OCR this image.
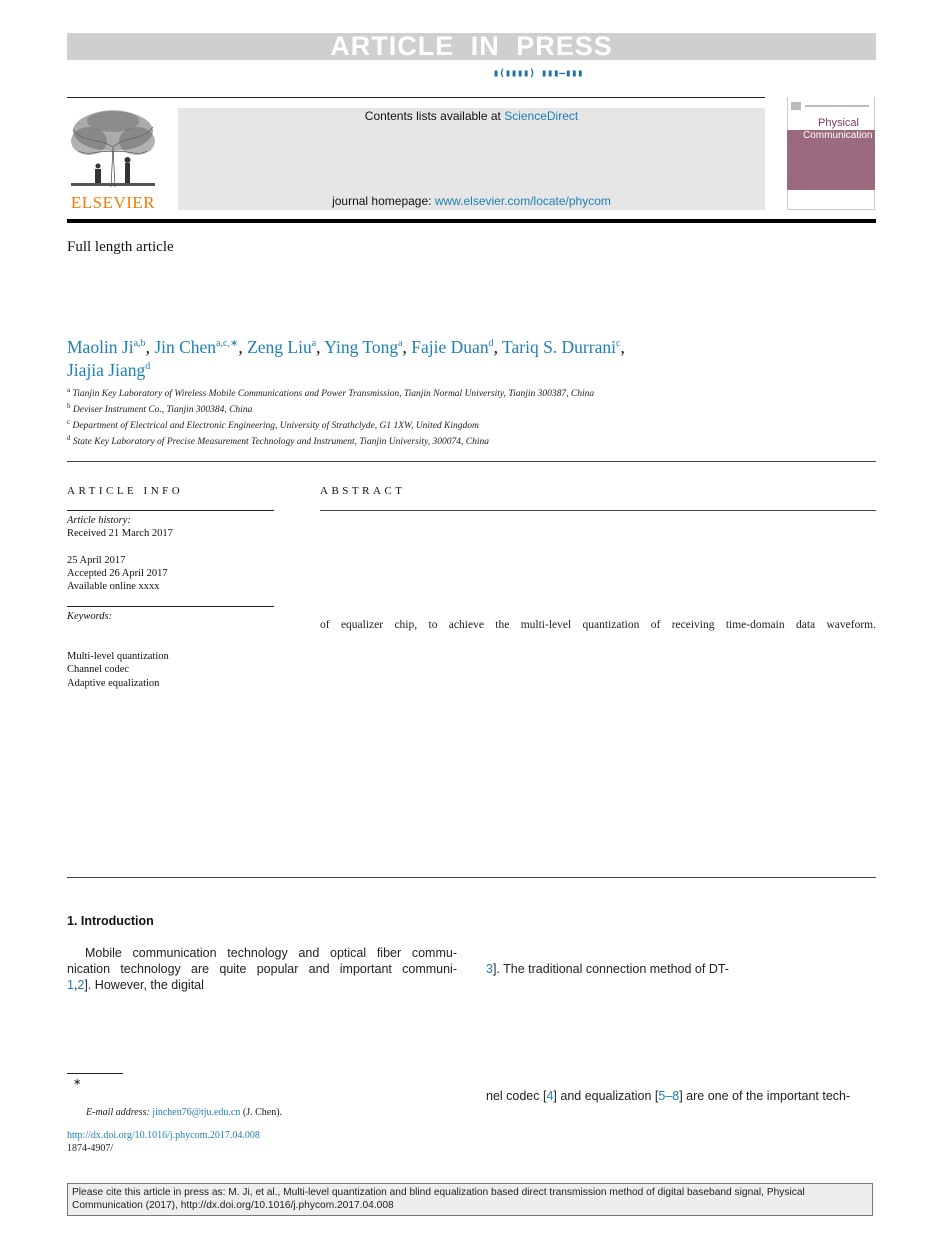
ARTICLE IN PRESS
▮(▮▮▮▮) ▮▮▮–▮▮▮
ELSEVIER
Contents lists available at ScienceDirect
journal homepage: www.elsevier.com/locate/phycom
Physical
Communication
Full length article
Maolin Ji$^{a,b}$, Jin Chen$^{a,c,∗}$, Zeng Liu$^a$, Ying Tong$^a$, Fajie Duan$^d$, Tariq S. Durrani$^c$,
Jiajia Jiang$^d$
$^a$ Tianjin Key Laboratory of Wireless Mobile Communications and Power Transmission, Tianjin Normal University, Tianjin 300387, China
$^b$ Deviser Instrument Co., Tianjin 300384, China
$^c$ Department of Electrical and Electronic Engineering, University of Strathclyde, G1 1XW, United Kingdom
$^d$ State Key Laboratory of Precise Measurement Technology and Instrument, Tianjin University, 300074, China
ARTICLE INFO
Article history:
Received 21 March 2017
25 April 2017
Accepted 26 April 2017
Available online xxxx
Keywords:
Multi-level quantization
Channel codec
Adaptive equalization
ABSTRACT
of equalizer chip, to achieve the multi-level quantization of receiving time-domain data waveform.
1. Introduction
Mobile communication technology and optical fiber commu-
nication technology are quite popular and important communi-
1,2]. However, the digital
3]. The traditional connection method of DT-
nel codec [4] and equalization [5–8] are one of the important tech-
∗
E-mail address: jinchen76@tju.edu.cn (J. Chen).
http://dx.doi.org/10.1016/j.phycom.2017.04.008
1874-4907/
Please cite this article in press as: M. Ji, et al., Multi-level quantization and blind equalization based direct transmission method of digital baseband signal, Physical
Communication (2017), http://dx.doi.org/10.1016/j.phycom.2017.04.008
